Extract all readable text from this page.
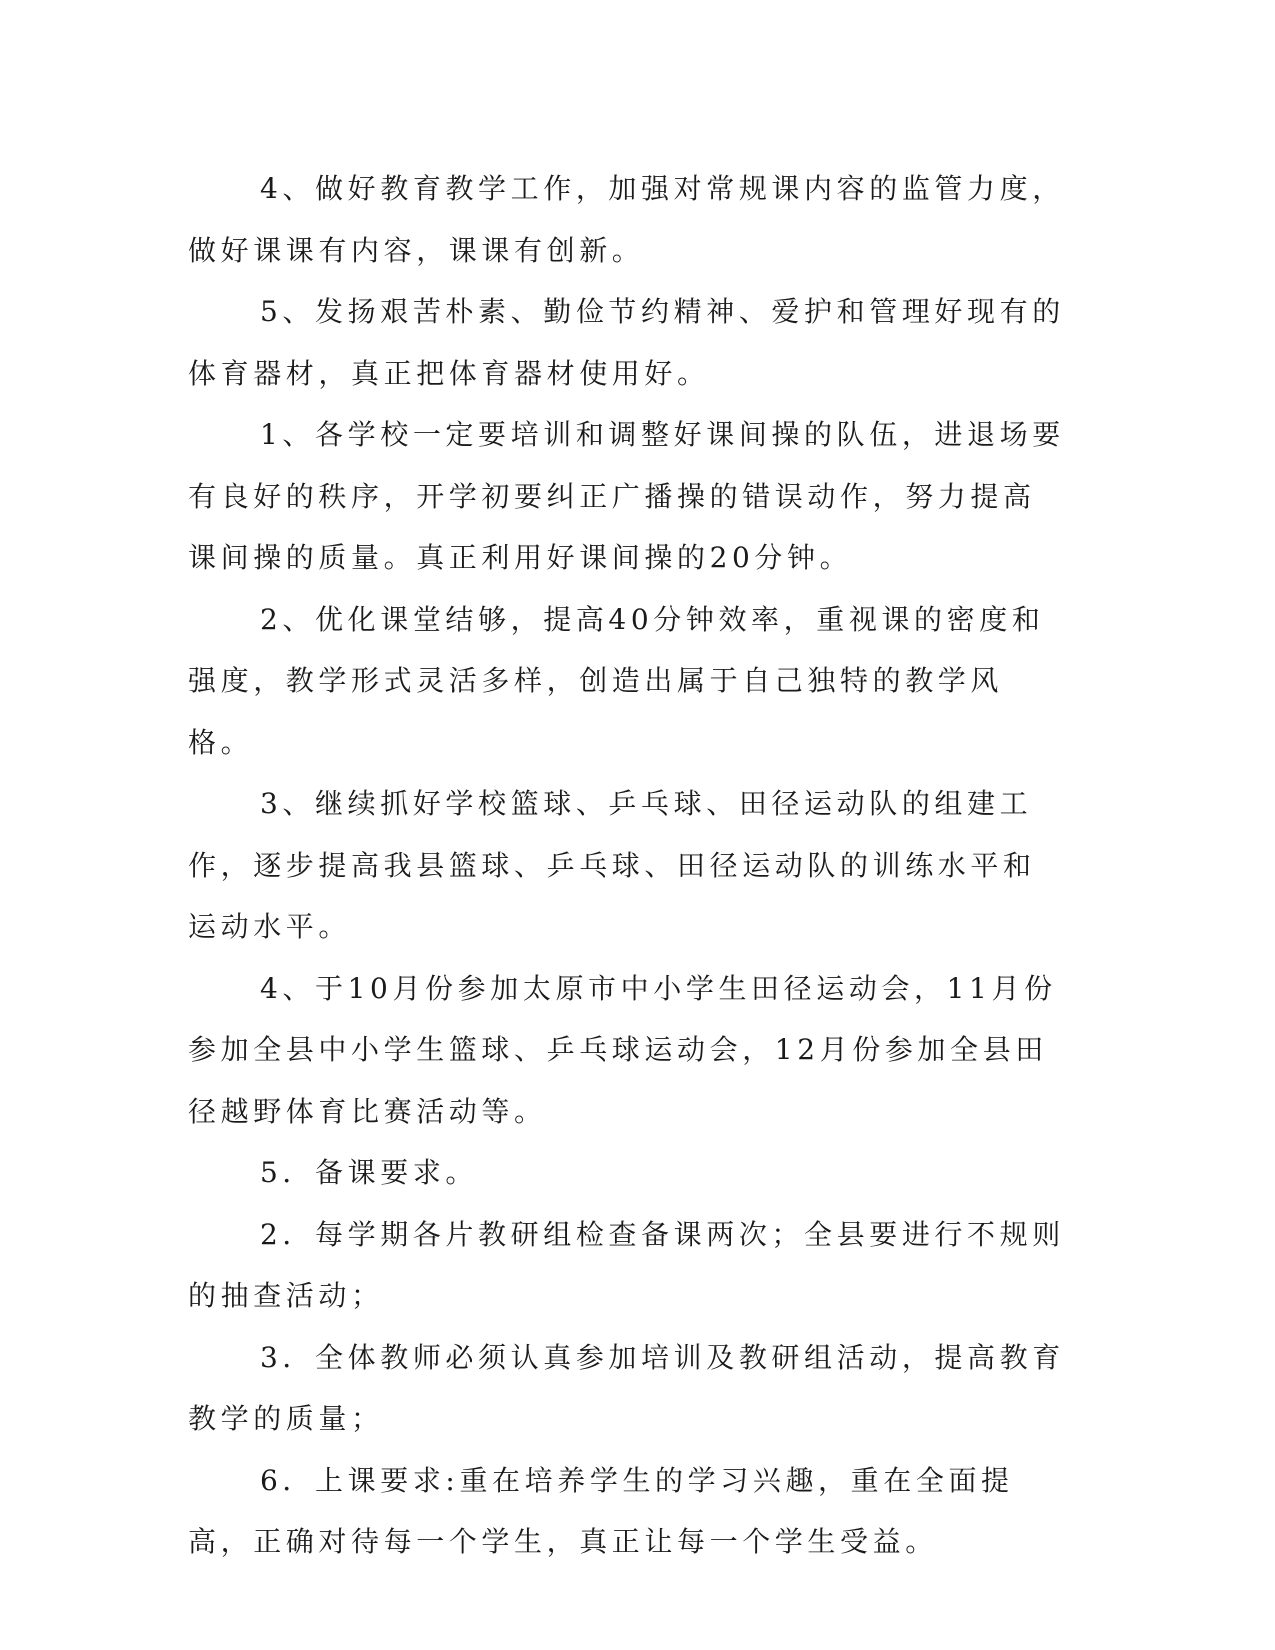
4、做好教育教学工作，加强对常规课内容的监管力度，做好课课有内容，课课有创新。

5、发扬艰苦朴素、勤俭节约精神、爱护和管理好现有的体育器材，真正把体育器材使用好。

1、各学校一定要培训和调整好课间操的队伍，进退场要有良好的秩序，开学初要纠正广播操的错误动作，努力提高课间操的质量。真正利用好课间操的20分钟。

2、优化课堂结够，提高40分钟效率，重视课的密度和强度，教学形式灵活多样，创造出属于自己独特的教学风格。

3、继续抓好学校篮球、乒乓球、田径运动队的组建工作，逐步提高我县篮球、乒乓球、田径运动队的训练水平和运动水平。

4、于10月份参加太原市中小学生田径运动会，11月份参加全县中小学生篮球、乒乓球运动会，12月份参加全县田径越野体育比赛活动等。

5．备课要求。

2．每学期各片教研组检查备课两次；全县要进行不规则的抽查活动；

3．全体教师必须认真参加培训及教研组活动，提高教育教学的质量；

6．上课要求:重在培养学生的学习兴趣，重在全面提高，正确对待每一个学生，真正让每一个学生受益。
